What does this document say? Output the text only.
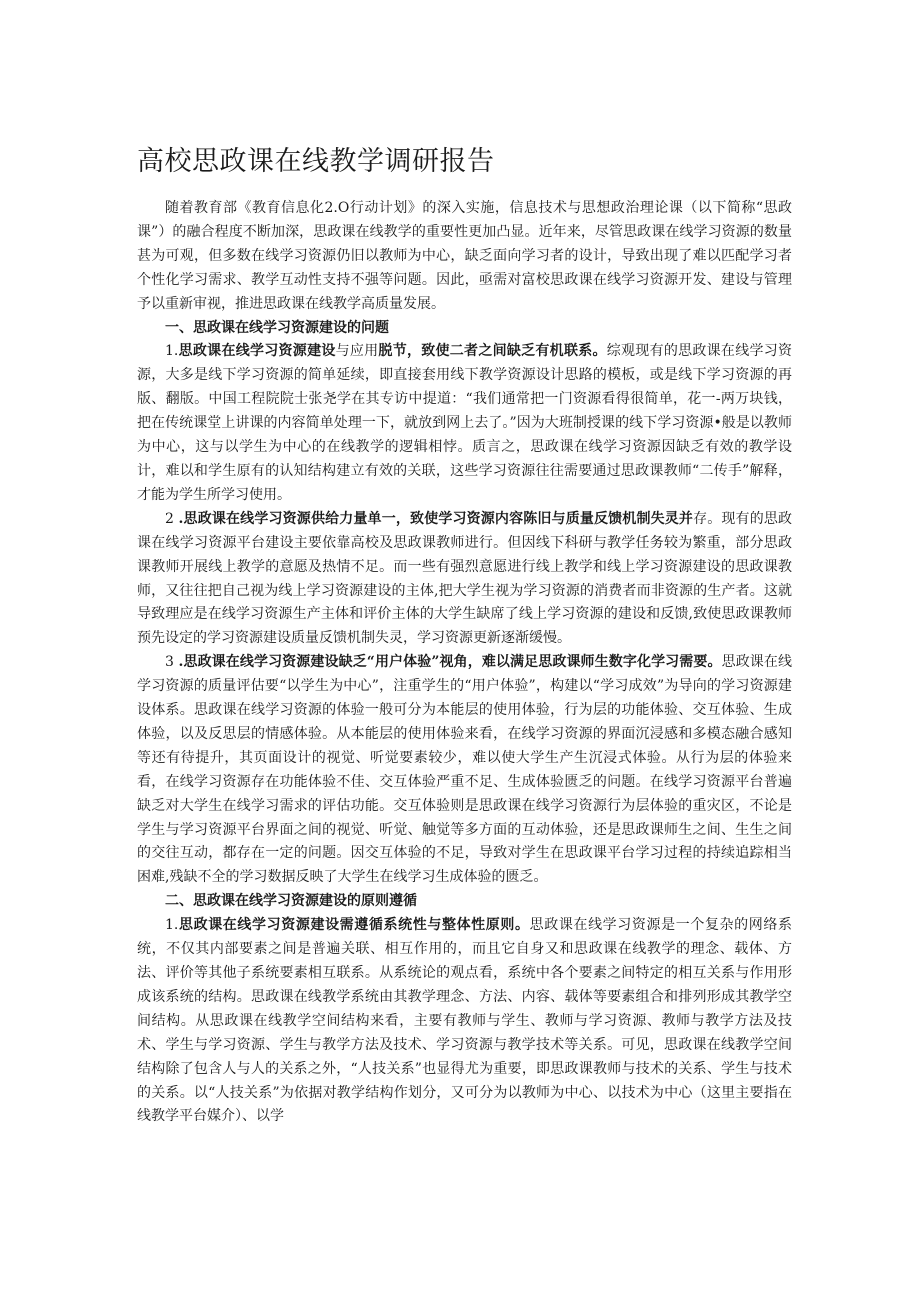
高校思政课在线教学调研报告

随着教育部《教育信息化2.O行动计划》的深入实施，信息技术与思想政治理论课（以下简称“思政课”）的融合程度不断加深，思政课在线教学的重要性更加凸显。近年来，尽管思政课在线学习资源的数量甚为可观，但多数在线学习资源仍旧以教师为中心，缺乏面向学习者的设计，导致出现了难以匹配学习者个性化学习需求、教学互动性支持不强等问题。因此，亟需对富校思政课在线学习资源开发、建设与管理予以重新审视，推进思政课在线教学高质量发展。

一、思政课在线学习资源建设的问题

1.思政课在线学习资源建设与应用脱节，致使二者之间缺乏有机联系。综观现有的思政课在线学习资源，大多是线下学习资源的简单延续，即直接套用线下教学资源设计思路的模板，或是线下学习资源的再版、翻版。中国工程院院士张尧学在其专访中提道：“我们通常把一门资源看得很简单，花一-两万块钱，把在传统课堂上讲课的内容简单处理一下，就放到网上去了。”因为大班制授课的线下学习资源•般是以教师为中心，这与以学生为中心的在线教学的逻辑相悖。质言之，思政课在线学习资源因缺乏有效的教学设计，难以和学生原有的认知结构建立有效的关联，这些学习资源往往需要通过思政课教师“二传手”解释，才能为学生所学习使用。

2 .思政课在线学习资源供给力量单一，致使学习资源内容陈旧与质量反馈机制失灵并存。现有的思政课在线学习资源平台建设主要依靠高校及思政课教师进行。但因线下科研与教学任务较为繁重，部分思政课教师开展线上教学的意愿及热情不足。而一些有强烈意愿进行线上教学和线上学习资源建设的思政课教师，又往往把自己视为线上学习资源建设的主体,把大学生视为学习资源的消费者而非资源的生产者。这就导致理应是在线学习资源生产主体和评价主体的大学生缺席了线上学习资源的建设和反馈,致使思政课教师预先设定的学习资源建设质量反馈机制失灵，学习资源更新逐渐缓慢。

3 .思政课在线学习资源建设缺乏“用户体验”视角，难以满足思政课师生数字化学习需要。思政课在线学习资源的质量评估要“以学生为中心”，注重学生的“用户体验”，构建以“学习成效”为导向的学习资源建设体系。思政课在线学习资源的体验一般可分为本能层的使用体验，行为层的功能体验、交互体验、生成体验，以及反思层的情感体验。从本能层的使用体验来看，在线学习资源的界面沉浸感和多模态融合感知等还有待提升，其页面设计的视觉、听觉要素较少，难以使大学生产生沉浸式体验。从行为层的体验来看，在线学习资源存在功能体验不佳、交互体验严重不足、生成体验匮乏的问题。在线学习资源平台普遍缺乏对大学生在线学习需求的评估功能。交互体验则是思政课在线学习资源行为层体验的重灾区，不论是学生与学习资源平台界面之间的视觉、听觉、触觉等多方面的互动体验，还是思政课师生之间、生生之间的交往互动，都存在一定的问题。因交互体验的不足，导致对学生在思政课平台学习过程的持续追踪相当困难,残缺不全的学习数据反映了大学生在线学习生成体验的匮乏。

二、思政课在线学习资源建设的原则遵循

1.思政课在线学习资源建设需遵循系统性与整体性原则。思政课在线学习资源是一个复杂的网络系统，不仅其内部要素之间是普遍关联、相互作用的，而且它自身又和思政课在线教学的理念、载体、方法、评价等其他子系统要素相互联系。从系统论的观点看，系统中各个要素之间特定的相互关系与作用形成该系统的结构。思政课在线教学系统由其教学理念、方法、内容、载体等要素组合和排列形成其教学空间结构。从思政课在线教学空间结构来看，主要有教师与学生、教师与学习资源、教师与教学方法及技术、学生与学习资源、学生与教学方法及技术、学习资源与教学技术等关系。可见，思政课在线教学空间结构除了包含人与人的关系之外，“人技关系”也显得尤为重要，即思政课教师与技术的关系、学生与技术的关系。以“人技关系”为依据对教学结构作划分，又可分为以教师为中心、以技术为中心（这里主要指在线教学平台媒介）、以学
